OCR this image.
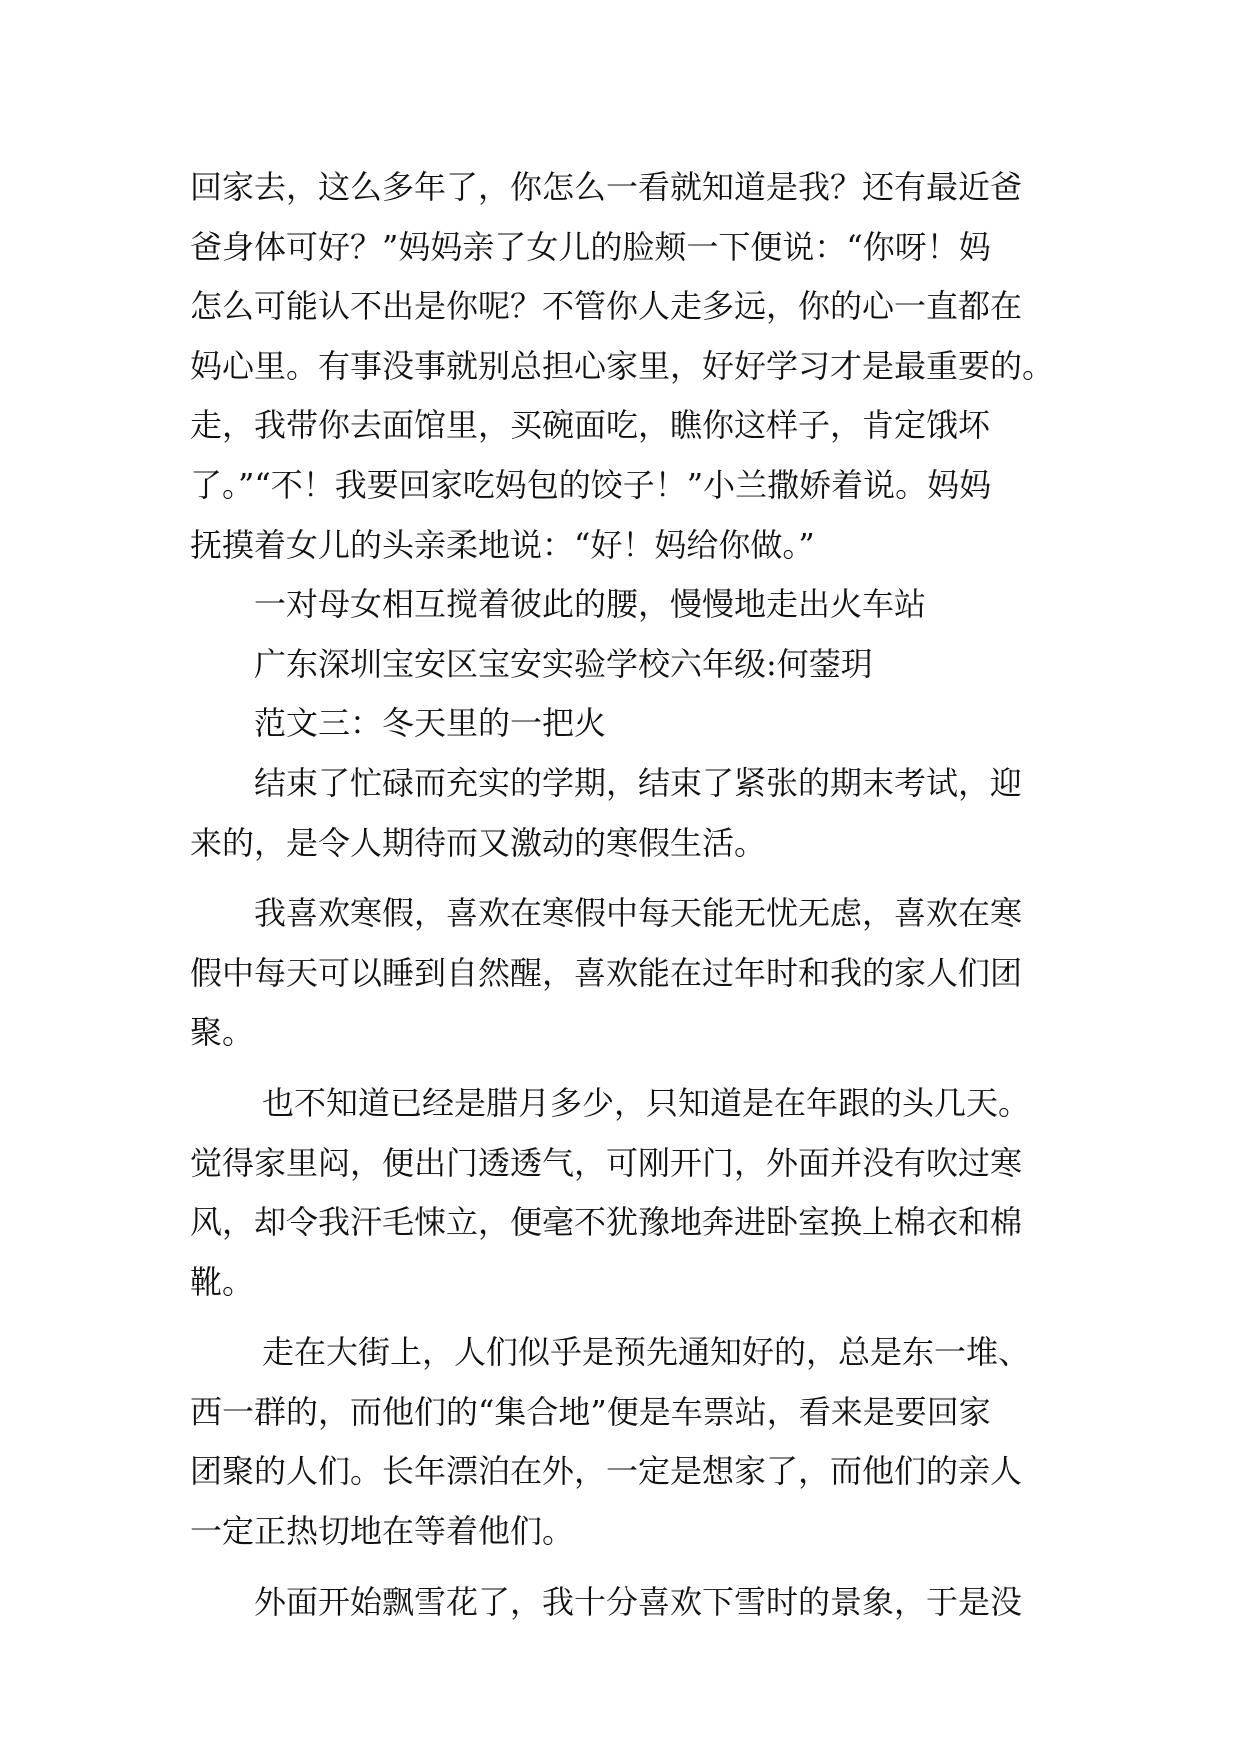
回家去，这么多年了，你怎么一看就知道是我？还有最近爸
爸身体可好？”妈妈亲了女儿的脸颊一下便说：“你呀！妈
怎么可能认不出是你呢？不管你人走多远，你的心一直都在
妈心里。有事没事就别总担心家里，好好学习才是最重要的。
走，我带你去面馆里，买碗面吃，瞧你这样子，肯定饿坏
了。”“不！我要回家吃妈包的饺子！”小兰撒娇着说。妈妈
抚摸着女儿的头亲柔地说：“好！妈给你做。”
一对母女相互搅着彼此的腰，慢慢地走出火车站
广东深圳宝安区宝安实验学校六年级:何蓥玥
范文三：冬天里的一把火
结束了忙碌而充实的学期，结束了紧张的期末考试，迎
来的，是令人期待而又激动的寒假生活。
我喜欢寒假，喜欢在寒假中每天能无忧无虑，喜欢在寒
假中每天可以睡到自然醒，喜欢能在过年时和我的家人们团
聚。
也不知道已经是腊月多少，只知道是在年跟的头几天。
觉得家里闷，便出门透透气，可刚开门，外面并没有吹过寒
风，却令我汗毛悚立，便毫不犹豫地奔进卧室换上棉衣和棉
靴。
走在大街上，人们似乎是预先通知好的，总是东一堆、
西一群的，而他们的“集合地”便是车票站，看来是要回家
团聚的人们。长年漂泊在外，一定是想家了，而他们的亲人
一定正热切地在等着他们。
外面开始飘雪花了，我十分喜欢下雪时的景象，于是没
